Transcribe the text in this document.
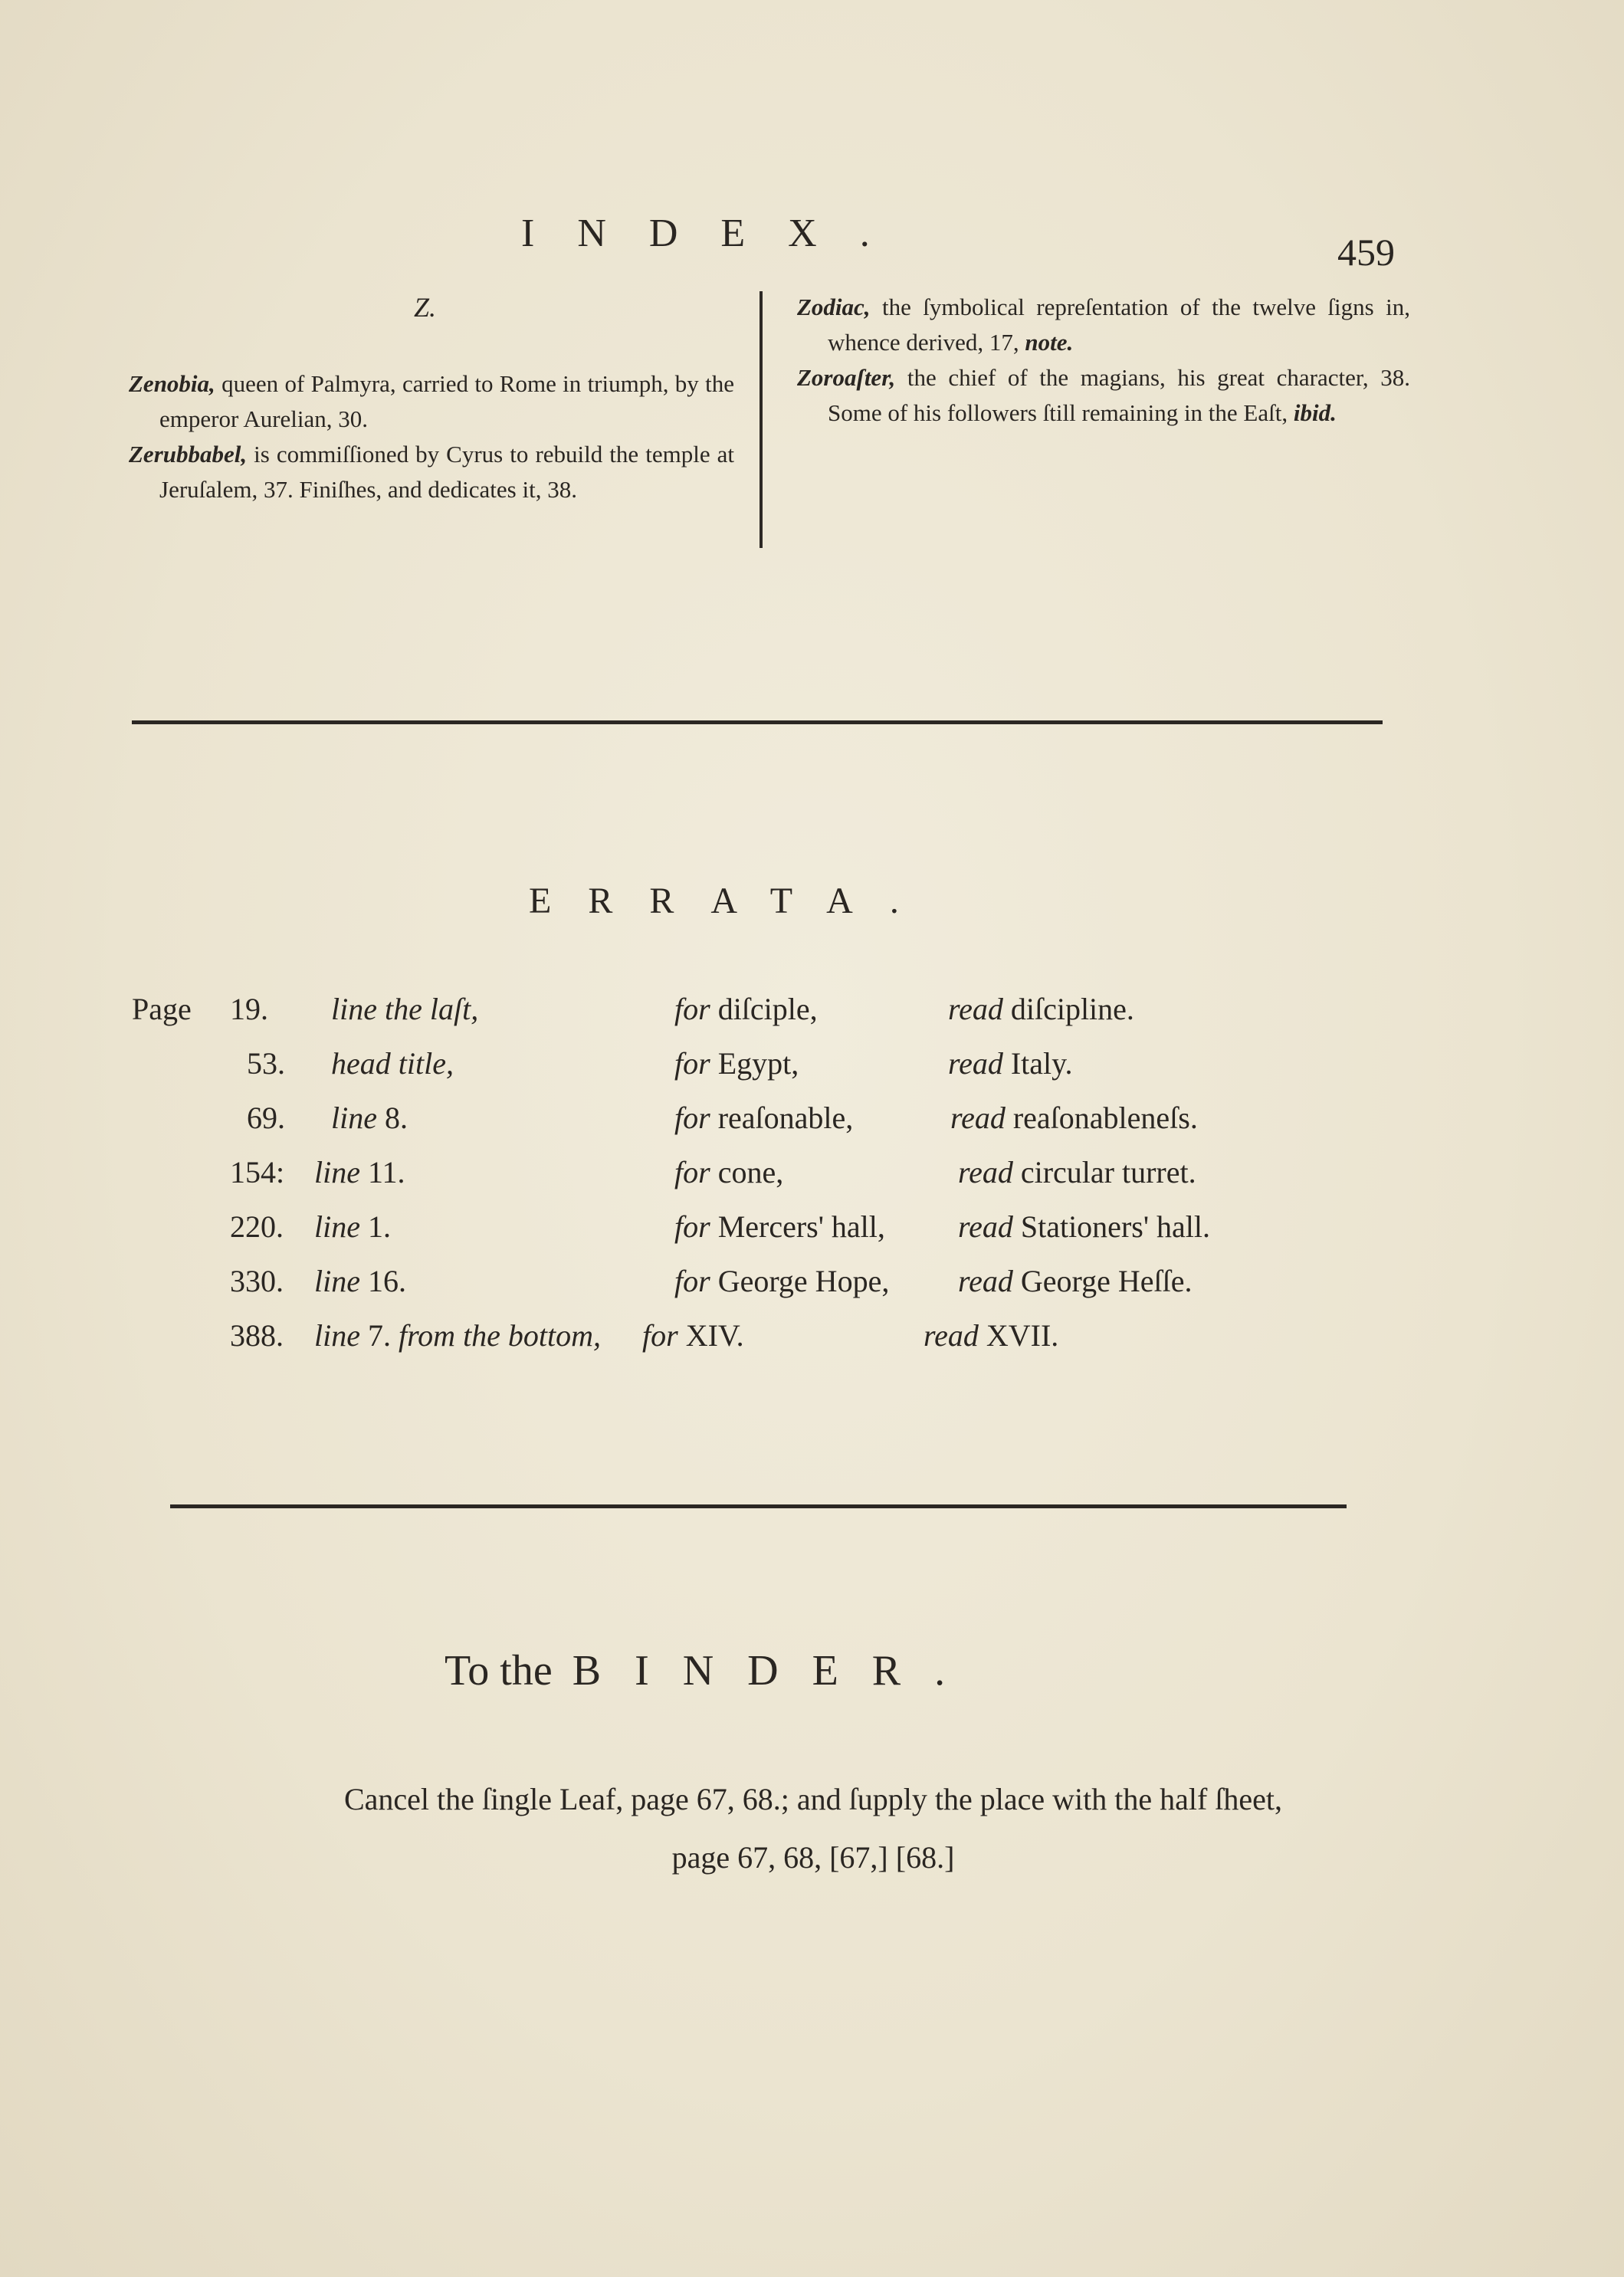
INDEX.	459
Z.

Zenobia, queen of Palmyra, carried to Rome in triumph, by the emperor Aurelian, 30.

Zerubbabel, is commiſſioned by Cyrus to rebuild the temple at Jeruſalem, 37. Finiſhes, and dedicates it, 38.

Zodiac, the ſymbolical repreſentation of the twelve ſigns in, whence derived, 17, note.

Zoroaſter, the chief of the magians, his great character, 38. Some of his followers ſtill remaining in the Eaſt, ibid.

ERRATA.
Page 19. line the laſt,	for diſciple,	read diſcipline.
53. head title,	for Egypt,	read Italy.
69. line 8.	for reaſonable,	read reaſonableneſs.
154: line 11.	for cone,	read circular turret.
220. line 1.	for Mercers' hall, read Stationers' hall.
330. line 16.	for George Hope, read George Heſſe.
388. line 7. from the bottom, for XIV.	read XVII.
To the BINDER.
Cancel the ſingle Leaf, page 67, 68.; and ſupply the place with the half ſheet,
page 67, 68, [67,] [68.]
